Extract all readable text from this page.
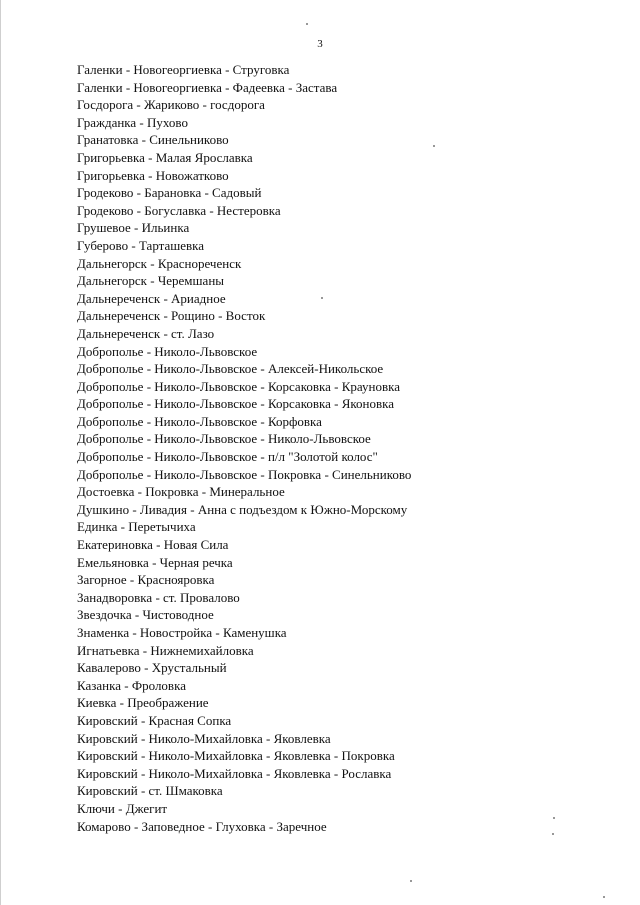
3
Галенки - Новогеоргиевка - Струговка
Галенки - Новогеоргиевка - Фадеевка - Застава
Госдорога - Жариково - госдорога
Гражданка - Пухово
Гранатовка - Синельниково
Григорьевка - Малая Ярославка
Григорьевка - Новожатково
Гродеково - Барановка - Садовый
Гродеково - Богуславка - Нестеровка
Грушевое - Ильинка
Губерово - Тарташевка
Дальнегорск - Краснореченск
Дальнегорск - Черемшаны
Дальнереченск - Ариадное
Дальнереченск - Рощино - Восток
Дальнереченск - ст. Лазо
Доброполье - Николо-Львовское
Доброполье - Николо-Львовское - Алексей-Никольское
Доброполье - Николо-Львовское - Корсаковка - Крауновка
Доброполье - Николо-Львовское - Корсаковка - Яконовка
Доброполье - Николо-Львовское - Корфовка
Доброполье - Николо-Львовское - Николо-Львовское
Доброполье - Николо-Львовское - п/л "Золотой колос"
Доброполье - Николо-Львовское - Покровка - Синельниково
Достоевка - Покровка - Минеральное
Душкино - Ливадия - Анна с подъездом к Южно-Морскому
Единка - Перетычиха
Екатериновка - Новая Сила
Емельяновка - Черная речка
Загорное - Краснояровка
Занадворовка - ст. Провалово
Звездочка - Чистоводное
Знаменка - Новостройка - Каменушка
Игнатьевка - Нижнемихайловка
Кавалерово - Хрустальный
Казанка - Фроловка
Киевка - Преображение
Кировский - Красная Сопка
Кировский - Николо-Михайловка - Яковлевка
Кировский - Николо-Михайловка - Яковлевка - Покровка
Кировский - Николо-Михайловка - Яковлевка - Рославка
Кировский - ст. Шмаковка
Ключи - Джегит
Комарово - Заповедное - Глуховка - Заречное
